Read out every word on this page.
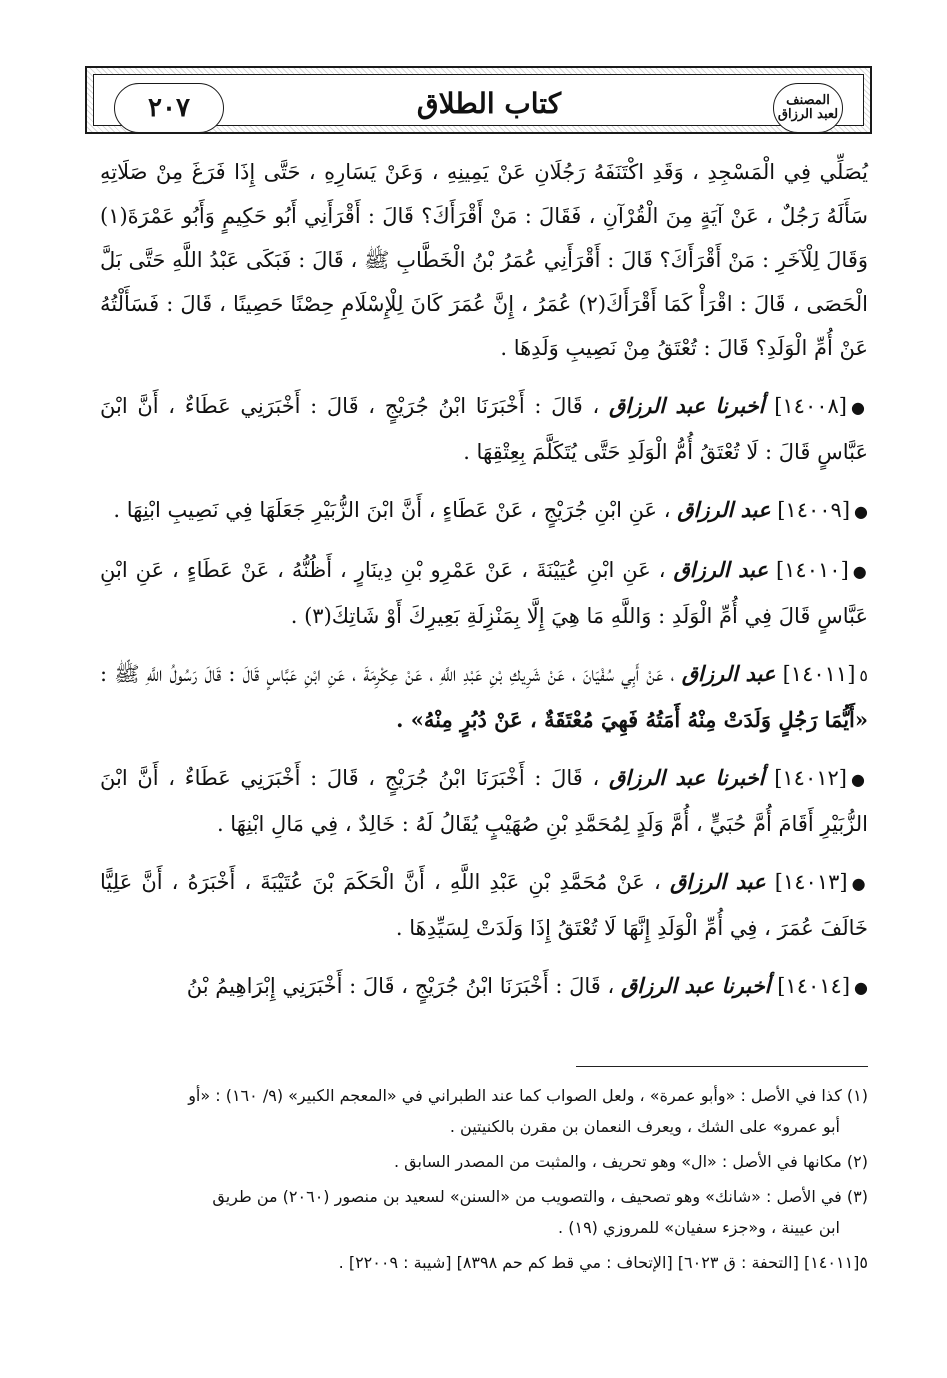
٢٠٧	كتاب الطلاق	المصنف
لعبد الرزاق

يُصَلِّي فِي الْمَسْجِدِ ، وَقَدِ اكْتَنَفَهُ رَجُلَانِ عَنْ يَمِينِهِ ، وَعَنْ يَسَارِهِ ، حَتَّى إِذَا فَرَغَ مِنْ صَلَاتِهِ سَأَلَهُ رَجُلٌ ، عَنْ آيَةٍ مِنَ الْقُرْآنِ ، فَقَالَ : مَنْ أَقْرَأَكَ؟ قَالَ : أَقْرَأَنِي أَبُو حَكِيمٍ وَأَبُو عَمْرَةَ(١) وَقَالَ لِلْآخَرِ : مَنْ أَقْرَأَكَ؟ قَالَ : أَقْرَأَنِي عُمَرُ بْنُ الْخَطَّابِ ﷺ ، قَالَ : فَبَكَى عَبْدُ اللَّهِ حَتَّى بَلَّ الْحَصَى ، قَالَ : اقْرَأْ كَمَا أَقْرَأَكَ(٢) عُمَرُ ، إِنَّ عُمَرَ كَانَ لِلْإِسْلَامِ حِصْنًا حَصِينًا ، قَالَ : فَسَأَلْتُهُ عَنْ أُمِّ الْوَلَدِ؟ قَالَ : تُعْتَقُ مِنْ نَصِيبِ وَلَدِهَا .

●[١٤٠٠٨] أخبرنا عبد الرزاق ، قَالَ : أَخْبَرَنَا ابْنُ جُرَيْجٍ ، قَالَ : أَخْبَرَنِي عَطَاءٌ ، أَنَّ ابْنَ عَبَّاسٍ قَالَ : لَا تُعْتَقُ أُمُّ الْوَلَدِ حَتَّى يُتَكَلَّمَ بِعِتْقِهَا .

●[١٤٠٠٩] عبد الرزاق ، عَنِ ابْنِ جُرَيْجٍ ، عَنْ عَطَاءٍ ، أَنَّ ابْنَ الزُّبَيْرِ جَعَلَهَا فِي نَصِيبِ ابْنِهَا .

●[١٤٠١٠] عبد الرزاق ، عَنِ ابْنِ عُيَيْنَةَ ، عَنْ عَمْرِو بْنِ دِينَارٍ ، أَظُنُّهُ ، عَنْ عَطَاءٍ ، عَنِ ابْنِ عَبَّاسٍ قَالَ فِي أُمِّ الْوَلَدِ : وَاللَّهِ مَا هِيَ إِلَّا بِمَنْزِلَةِ بَعِيرِكَ أَوْ شَاتِكَ(٣) .

٥[١٤٠١١] عبد الرزاق ، عَنْ أَبِي سُفْيَانَ ، عَنْ شَرِيكِ بْنِ عَبْدِ اللَّهِ ، عَنْ عِكْرِمَةَ ، عَنِ ابْنِ عَبَّاسٍ قَالَ : قَالَ رَسُولُ اللَّهِ ﷺ : «أَيُّمَا رَجُلٍ وَلَدَتْ مِنْهُ أَمَتُهُ فَهِيَ مُعْتَقَةٌ ، عَنْ دُبُرٍ مِنْهُ» .

●[١٤٠١٢] أخبرنا عبد الرزاق ، قَالَ : أَخْبَرَنَا ابْنُ جُرَيْجٍ ، قَالَ : أَخْبَرَنِي عَطَاءٌ ، أَنَّ ابْنَ الزُّبَيْرِ أَقَامَ أُمَّ حُبَيٍّ ، أُمَّ وَلَدٍ لِمُحَمَّدِ بْنِ صُهَيْبٍ يُقَالُ لَهُ : خَالِدٌ ، فِي مَالِ ابْنِهَا .

●[١٤٠١٣] عبد الرزاق ، عَنْ مُحَمَّدِ بْنِ عَبْدِ اللَّهِ ، أَنَّ الْحَكَمَ بْنَ عُتَيْبَةَ ، أَخْبَرَهُ ، أَنَّ عَلِيًّا خَالَفَ عُمَرَ ، فِي أُمِّ الْوَلَدِ إِنَّهَا لَا تُعْتَقُ إِذَا وَلَدَتْ لِسَيِّدِهَا .

●[١٤٠١٤] أخبرنا عبد الرزاق ، قَالَ : أَخْبَرَنَا ابْنُ جُرَيْجٍ ، قَالَ : أَخْبَرَنِي إِبْرَاهِيمُ بْنُ

(١) كذا في الأصل : «وأبو عمرة» ، ولعل الصواب كما عند الطبراني في «المعجم الكبير» (٩/ ١٦٠) : «أو
أبو عمرو» على الشك ، ويعرف النعمان بن مقرن بالكنيتين .

(٢) مكانها في الأصل : «ال» وهو تحريف ، والمثبت من المصدر السابق .

(٣) في الأصل : «شانك» وهو تصحيف ، والتصويب من «السنن» لسعيد بن منصور (٢٠٦٠) من طريق
ابن عيينة ، و«جزء سفيان» للمروزي (١٩) .

٥[١٤٠١١] [التحفة : ق ٦٠٢٣] [الإتحاف : مي قط كم حم ٨٣٩٨] [شيبة : ٢٢٠٠٩] .
